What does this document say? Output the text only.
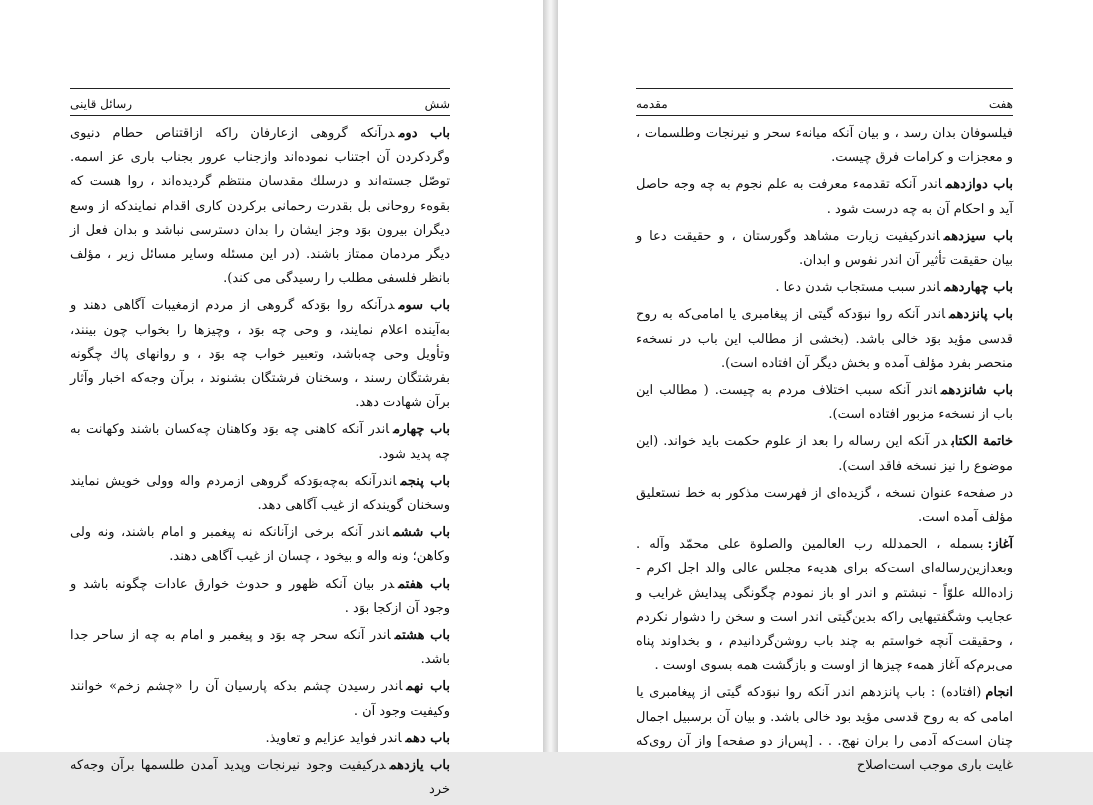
شش
رسائل قاينى

باب دومدرآنكه گروهى ازعارفان راكه ازاقتناص حطام دنيوى وگردكردن آن اجتناب نموده‌اند وازجناب عرور بجناب بارى عز اسمه. توصّل جسته‌اند و درسلك مقدسان منتظم گرديده‌اند ، روا هست كه بقوه‌ء روحانى بل بقدرت رحمانى بركردن كارى اقدام نمايندكه از وسع ديگران بيرون بوَد وجز ايشان را بدان دسترسى نباشد و بدان فعل از ديگر مردمان ممتاز باشند. (در اين مسئله وساير مسائل زير ، مؤلف بانظر فلسفى مطلب را رسيدگى مى كند).

باب سومدرآنكه روا بوَدكه گروهى از مردم ازمغيبات آگاهى دهند و به‌آينده اعلام نمايند، و وحى چه بوَد ، وچيزها را بخواب چون بينند، وتأويل وحى چه‌باشد، وتعبير خواب چه بوَد ، و روانهاى پاك چگونه بفرشتگان رسند ، وسخنان فرشتگان بشنوند ، برآن وجه‌كه اخبار وآثار برآن شهادت دهد.

باب چهارماندر آنكه كاهنى چه بوَد وكاهنان چه‌كسان باشند وكهانت به چه پديد شود.

باب پنجماندرآنكه به‌چه‌بوَدكه گروهى ازمردم واله وولى خويش نمايند وسخنان گويندكه از غيب آگاهى دهد.

باب ششماندر آنكه برخى ازآنانكه نه پيغمبر و امام باشند، ونه ولى وكاهن؛ ونه واله و بيخود ، چسان از غيب آگاهى دهند.

باب هفتمدر بيان آنكه ظهور و حدوث خوارق عادات چگونه باشد و وجود آن ازكجا بوَد .

باب هشتماندر آنكه سحر چه بوَد و پيغمبر و امام به چه از ساحر جدا باشد.

باب نهماندر رسيدن چشم بدكه پارسيان آن را «چشم زخم» خوانند وكيفيت وجود آن .

باب دهماندر فوايد عزايم و تعاويذ.

باب يازدهمدركيفيت وجود نيرنجات وپديد آمدن طلسمها برآن وجه‌كه خرد

هفت
مقدمه

فيلسوفان بدان رسد ، و بيان آنكه ميانه‌ء سحر و نيرنجات وطلسمات ، و معجزات و كرامات فرق چيست.

باب دوازدهماندر آنكه تقدمه‌ء معرفت به علم نجوم به چه وجه حاصل آيد و احكام آن به چه درست شود .

باب سيزدهماندركيفيت زيارت مشاهد وگورستان ، و حقيقت دعا و بيان حقيقت تأثير آن اندر نفوس و ابدان.

باب چهاردهماندر سبب مستجاب شدن دعا .

باب پانزدهماندر آنكه روا نبوَدكه گيتى از پيغامبرى يا امامى‌كه به روح قدسى مؤيد بوَد خالى باشد. (بخشى از مطالب اين باب در نسخه‌ء منحصر بفرد مؤلف آمده و بخش ديگر آن افتاده است).

باب شانزدهماندر آنكه سبب اختلاف مردم به چيست. ( مطالب اين باب از نسخه‌ء مزبور افتاده است).

خاتمة الكتابدر آنكه اين رساله را بعد از علوم حكمت بايد خواند. (اين موضوع را نيز نسخه فاقد است).

در صفحه‌ء عنوان نسخه ، گزيده‌اى از فهرست مذكور به خط نستعليق مؤلف آمده است.

آغاز:بسمله ، الحمدلله رب العالمين والصلوة على محمّد وآله . وبعدازين‌رساله‌اى است‌كه براى هديه‌ء مجلس عالى والد اجل اكرم - زاده‌الله علوّاً - نبشتم و اندر او باز نمودم چگونگى پيدايش غرايب و عجايب وشگفتيهايى راكه بدين‌گيتى اندر است و سخن را دشوار نكردم ، وحقيقت آنچه خواستم به چند باب روشن‌گردانيدم ، و بخداوند پناه مى‌برم‌كه آغاز همه‌ء چيزها از اوست و بازگشت همه بسوى اوست .

انجام(افتاده) : باب پانزدهم اندر آنكه روا نبوَدكه گيتى از پيغامبرى يا امامى كه به روح قدسى مؤيد بود خالى باشد. و بيان آن برسبيل اجمال چنان است‌كه آدمى را بران نهج. . . [پس‌از دو صفحه] واز آن روى‌كه غايت بارى موجب است‌اصلاح
